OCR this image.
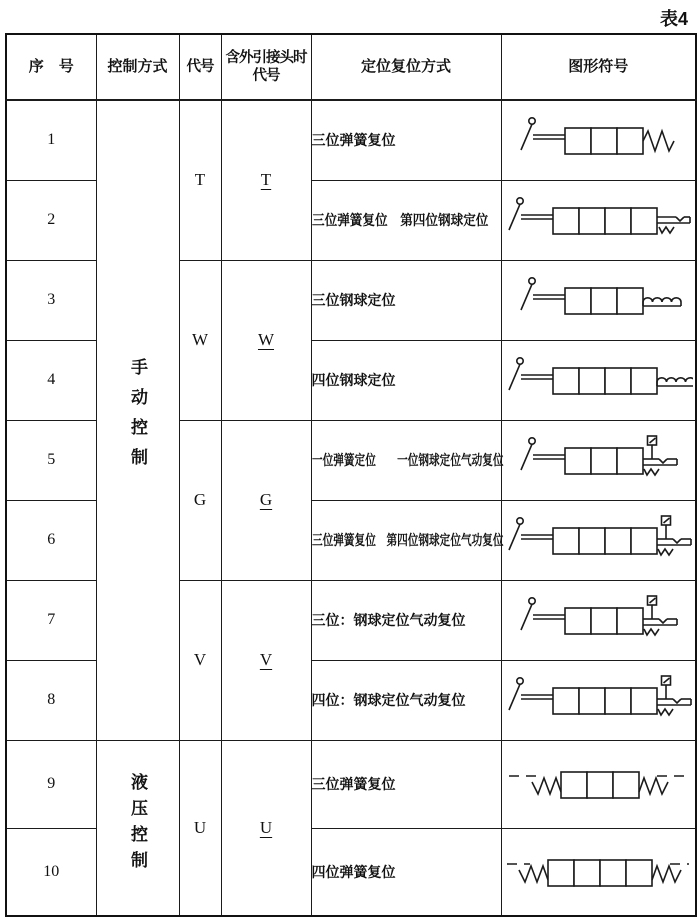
表4
序　号	控制方式	代号	含外引接头时代号	定位复位方式	图形符号
1	手动控制	T	T	三位弹簧复位	

2				三位弹簧复位　第四位钢球定位	

3		W	W	三位钢球定位	

4				四位钢球定位	

5		G	G	一位弹簧定位　　一位钢球定位气动复位	

6				三位弹簧复位　第四位钢球定位气功复位	

7		V	V	三位：钢球定位气动复位	

8				四位：钢球定位气动复位	

9	液压控制	U	U	三位弹簧复位	

10				四位弹簧复位	
